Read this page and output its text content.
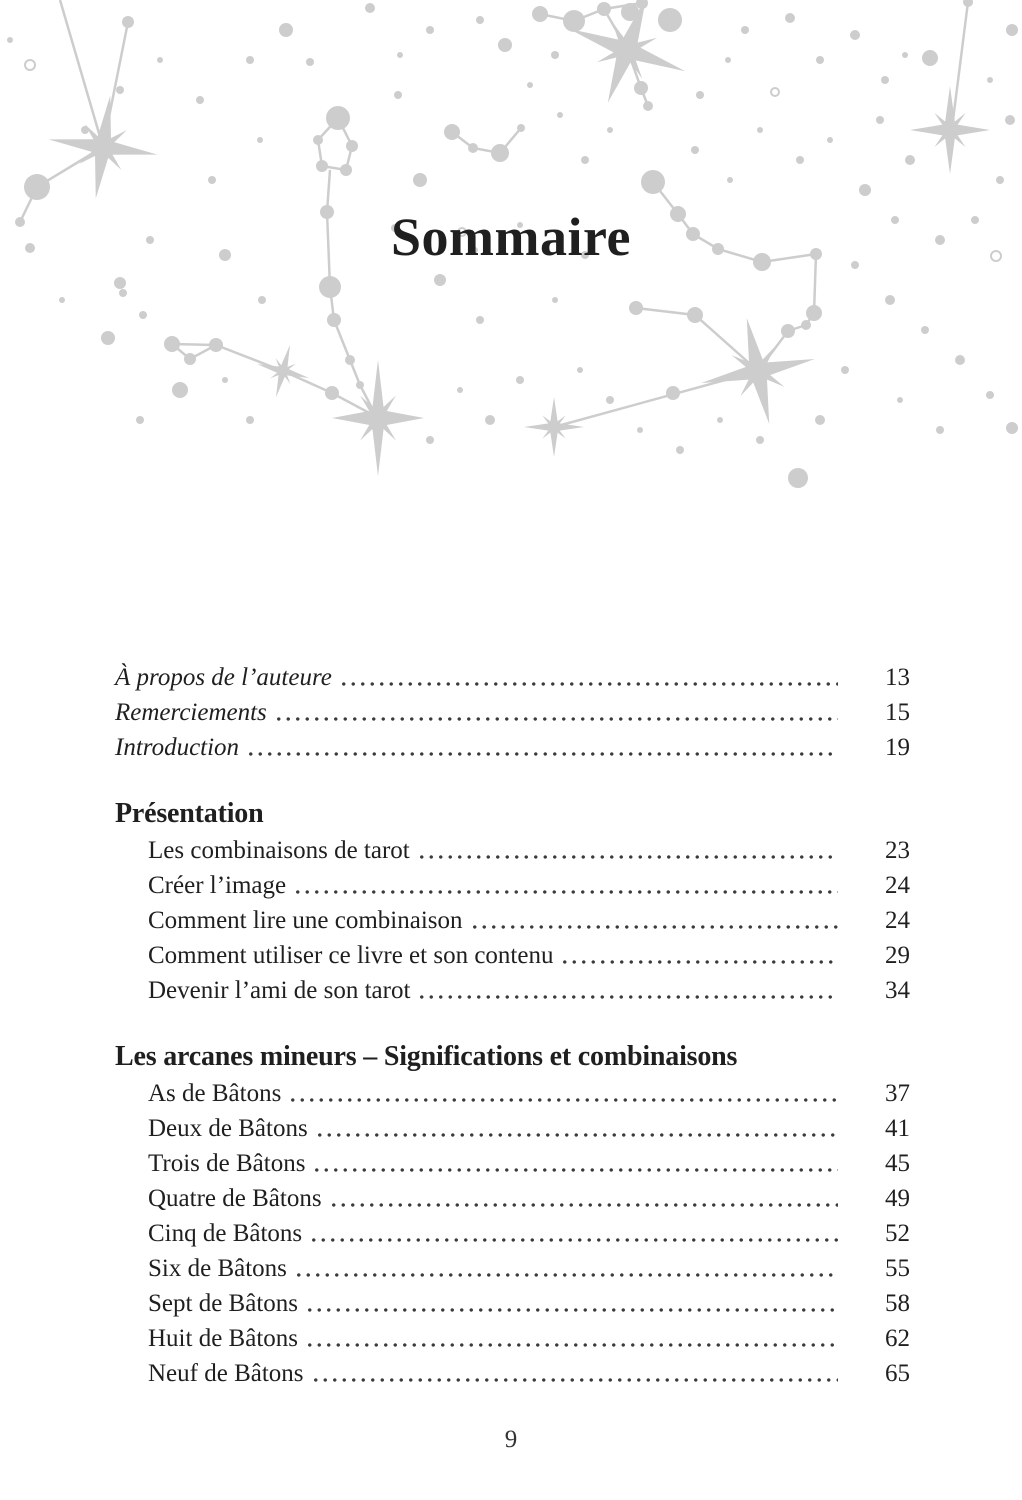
Sommaire
À propos de l’auteure	13
Remerciements	15
Introduction	19
Présentation
Les combinaisons de tarot	23
Créer l’image	24
Comment lire une combinaison	24
Comment utiliser ce livre et son contenu	29
Devenir l’ami de son tarot	34
Les arcanes mineurs – Significations et combinaisons
As de Bâtons	37
Deux de Bâtons	41
Trois de Bâtons	45
Quatre de Bâtons	49
Cinq de Bâtons	52
Six de Bâtons	55
Sept de Bâtons	58
Huit de Bâtons	62
Neuf de Bâtons	65
9
